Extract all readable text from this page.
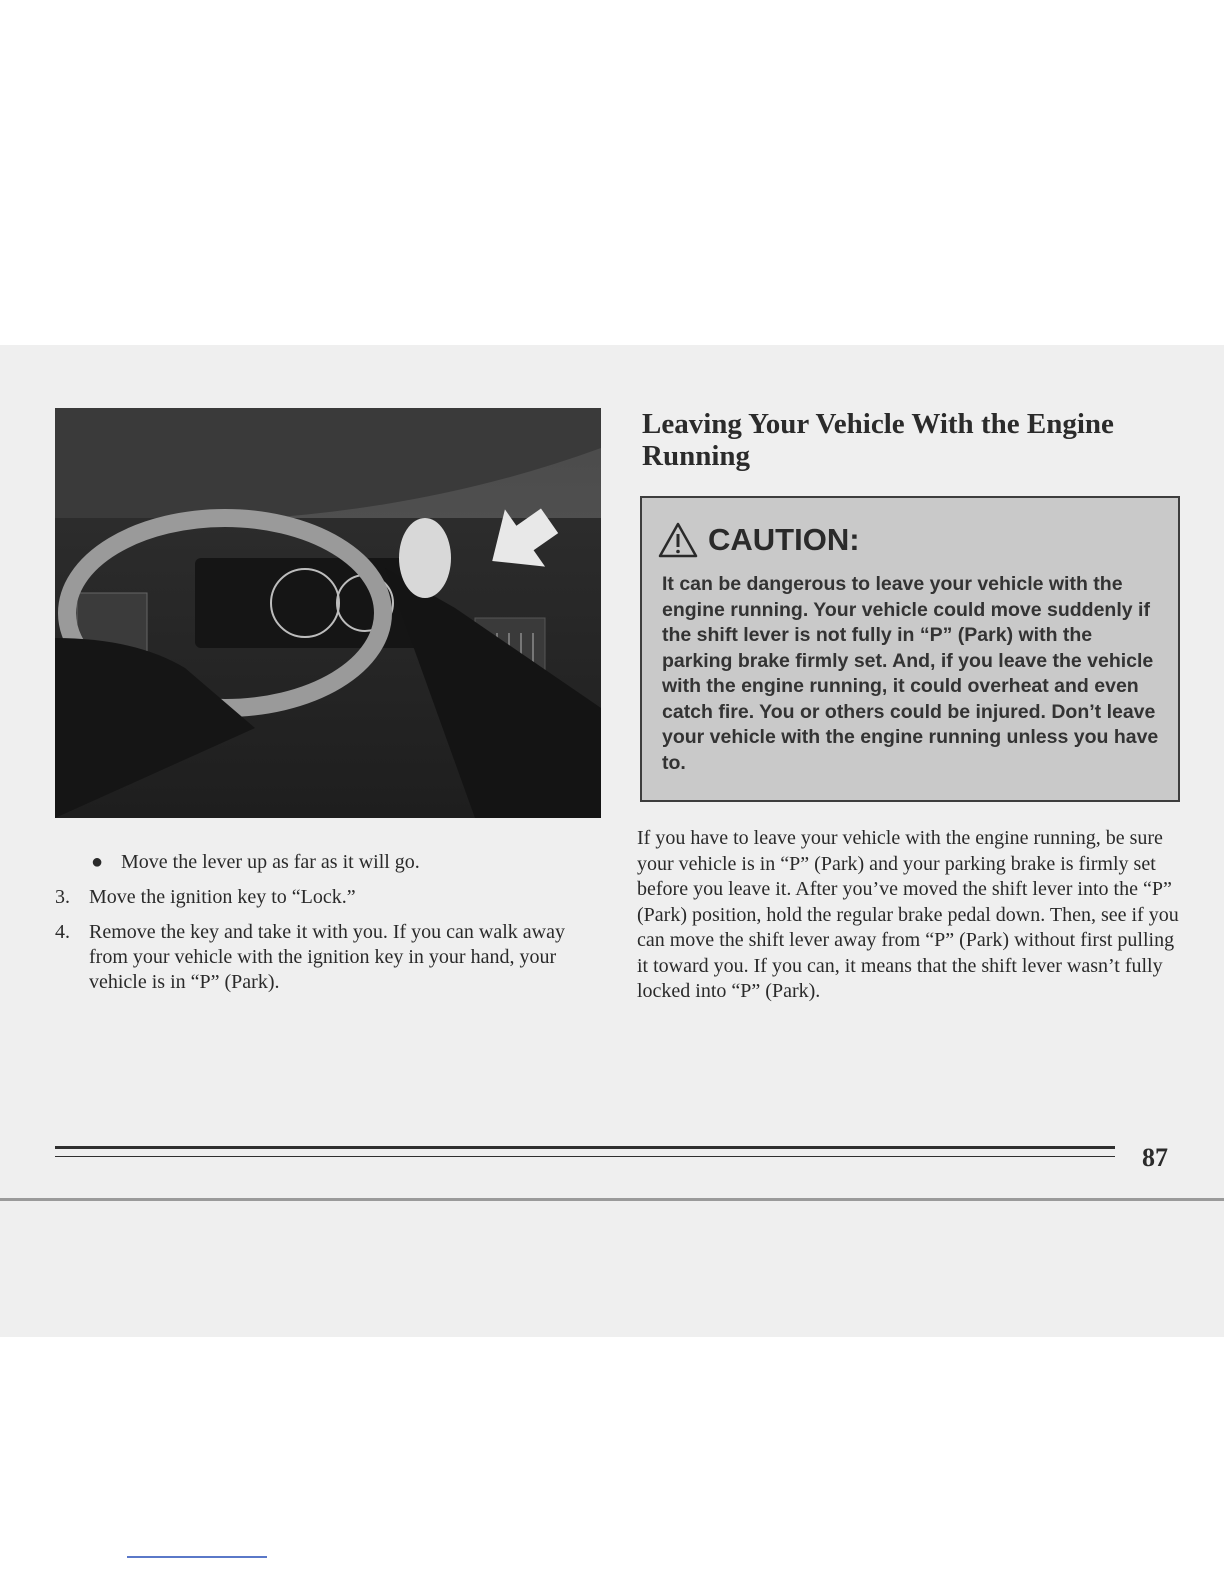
● Move the lever up as far as it will go.
3. Move the ignition key to “Lock.”
4. Remove the key and take it with you. If you can walk away from your vehicle with the ignition key in your hand, your vehicle is in “P” (Park).
Leaving Your Vehicle With the Engine Running
CAUTION:
It can be dangerous to leave your vehicle with the engine running. Your vehicle could move suddenly if the shift lever is not fully in “P” (Park) with the parking brake firmly set. And, if you leave the vehicle with the engine running, it could overheat and even catch fire. You or others could be injured. Don’t leave your vehicle with the engine running unless you have to.
If you have to leave your vehicle with the engine running, be sure your vehicle is in “P” (Park) and your parking brake is firmly set before you leave it. After you’ve moved the shift lever into the “P” (Park) position, hold the regular brake pedal down. Then, see if you can move the shift lever away from “P” (Park) without first pulling it toward you. If you can, it means that the shift lever wasn’t fully locked into “P” (Park).
87
